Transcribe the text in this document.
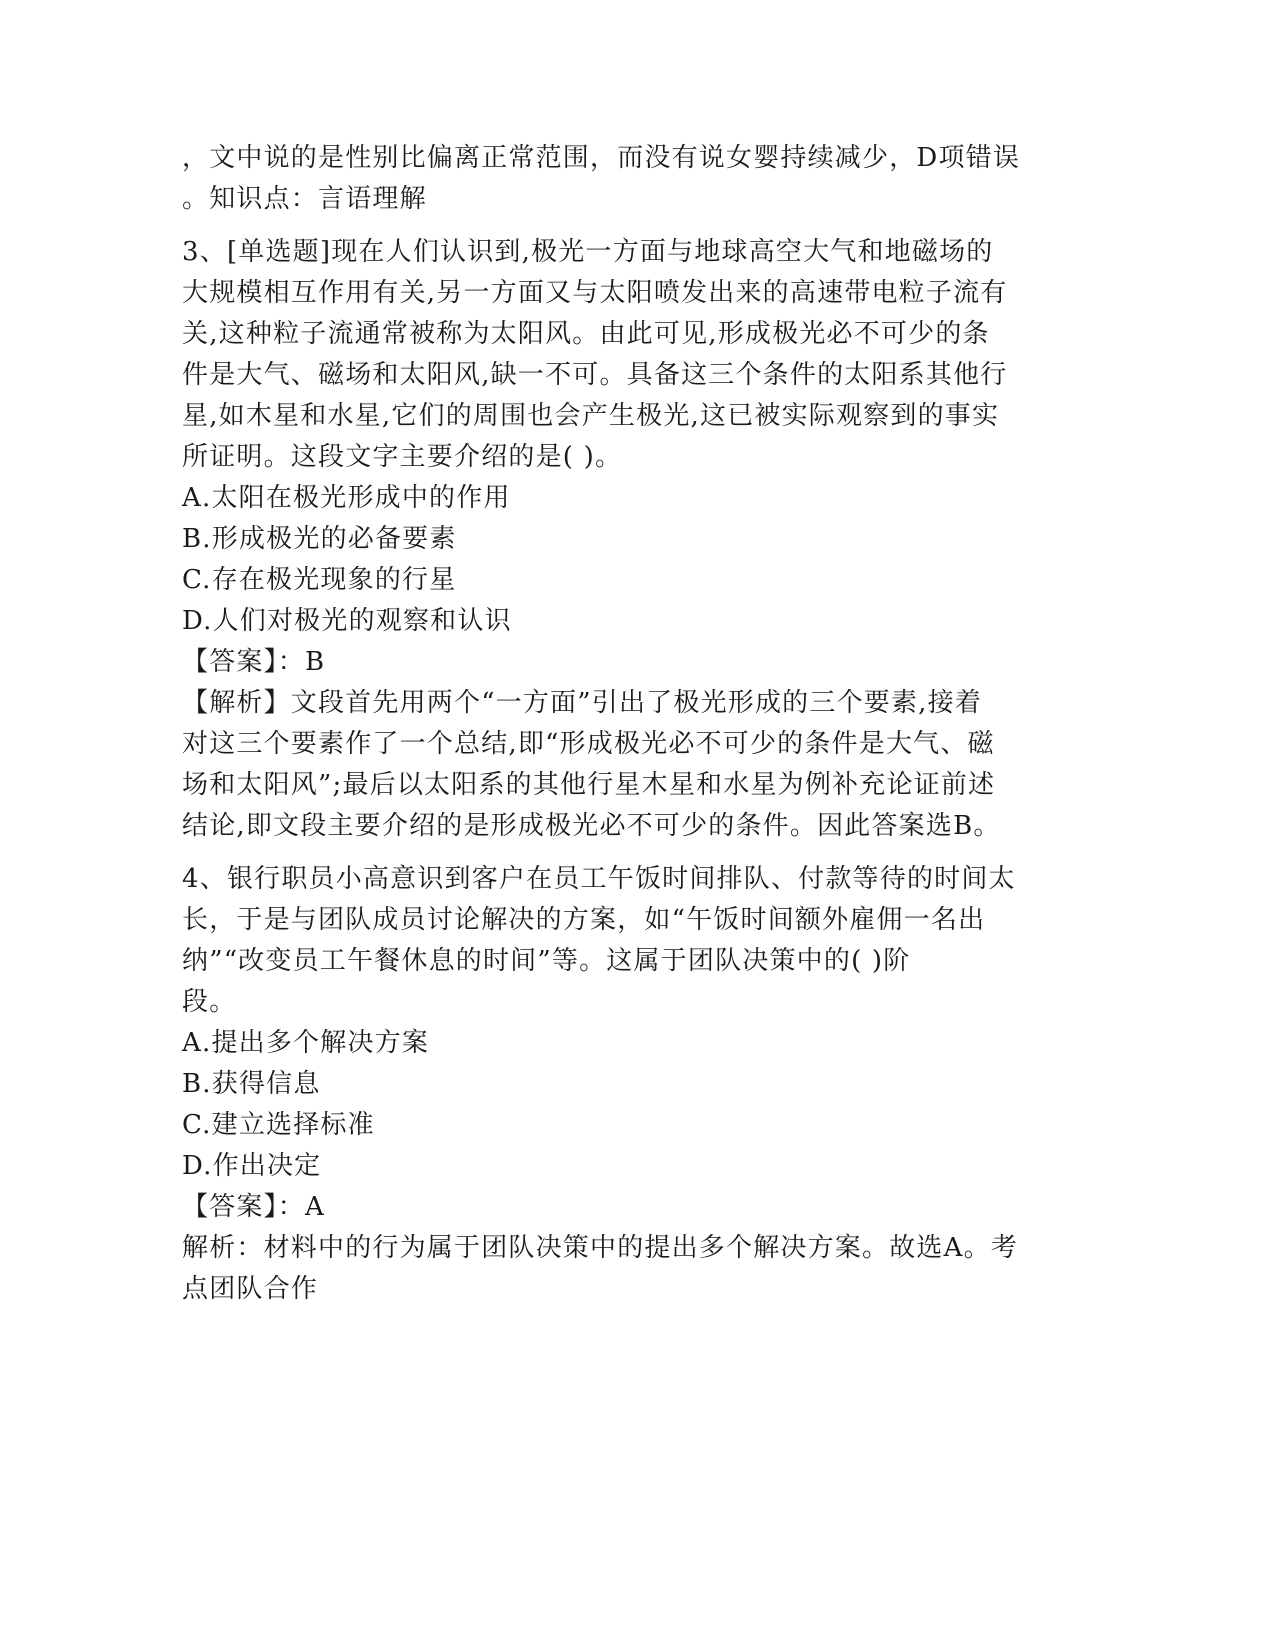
，文中说的是性别比偏离正常范围，而没有说女婴持续减少，D项错误
。知识点：言语理解
3、[单选题]现在人们认识到,极光一方面与地球高空大气和地磁场的
大规模相互作用有关,另一方面又与太阳喷发出来的高速带电粒子流有
关,这种粒子流通常被称为太阳风。由此可见,形成极光必不可少的条
件是大气、磁场和太阳风,缺一不可。具备这三个条件的太阳系其他行
星,如木星和水星,它们的周围也会产生极光,这已被实际观察到的事实
所证明。这段文字主要介绍的是( )。
A.太阳在极光形成中的作用
B.形成极光的必备要素
C.存在极光现象的行星
D.人们对极光的观察和认识
【答案】：B
【解析】文段首先用两个“一方面”引出了极光形成的三个要素,接着
对这三个要素作了一个总结,即“形成极光必不可少的条件是大气、磁
场和太阳风”;最后以太阳系的其他行星木星和水星为例补充论证前述
结论,即文段主要介绍的是形成极光必不可少的条件。因此答案选B。
4、银行职员小高意识到客户在员工午饭时间排队、付款等待的时间太
长，于是与团队成员讨论解决的方案，如“午饭时间额外雇佣一名出
纳”“改变员工午餐休息的时间”等。这属于团队决策中的( )阶
段。
A.提出多个解决方案
B.获得信息
C.建立选择标准
D.作出决定
【答案】：A
解析：材料中的行为属于团队决策中的提出多个解决方案。故选A。考
点团队合作
